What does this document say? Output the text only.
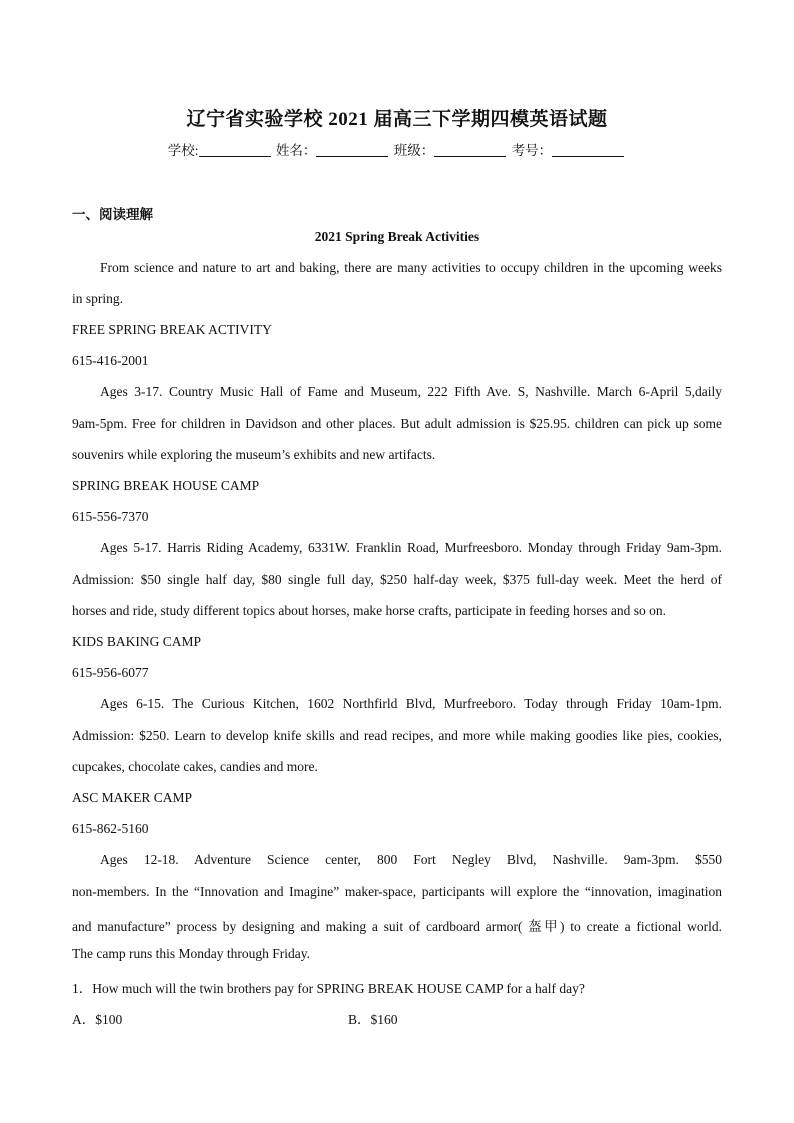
辽宁省实验学校 2021 届高三下学期四模英语试题
学校:	姓名：	班级：	考号：
一、阅读理解
2021 Spring Break Activities
From science and nature to art and baking, there are many activities to occupy children in the upcoming weeks
in spring.
FREE SPRING BREAK ACTIVITY
615-416-2001
Ages 3-17. Country Music Hall of Fame and Museum, 222 Fifth Ave. S, Nashville. March 6-April 5,daily
9am-5pm. Free for children in Davidson and other places. But adult admission is $25.95. children can pick up some
souvenirs while exploring the museum’s exhibits and new artifacts.
SPRING BREAK HOUSE CAMP
615-556-7370
Ages 5-17. Harris Riding Academy, 6331W. Franklin Road, Murfreesboro. Monday through Friday 9am-3pm.
Admission: $50 single half day, $80 single full day, $250 half-day week, $375 full-day week. Meet the herd of
horses and ride, study different topics about horses, make horse crafts, participate in feeding horses and so on.
KIDS BAKING CAMP
615-956-6077
Ages 6-15. The Curious Kitchen, 1602 Northfirld Blvd, Murfreeboro. Today through Friday 10am-1pm.
Admission: $250. Learn to develop knife skills and read recipes, and more while making goodies like pies, cookies,
cupcakes, chocolate cakes, candies and more.
ASC MAKER CAMP
615-862-5160
Ages 12-18. Adventure Science center, 800 Fort Negley Blvd, Nashville. 9am-3pm. $550
non-members. In the “Innovation and Imagine” maker-space, participants will explore the “innovation, imagination
and manufacture” process by designing and making a suit of cardboard armor( 盔甲) to create a fictional world.
The camp runs this Monday through Friday.
1．How much will the twin brothers pay for SPRING BREAK HOUSE CAMP for a half day?
A．$100	B．$160
